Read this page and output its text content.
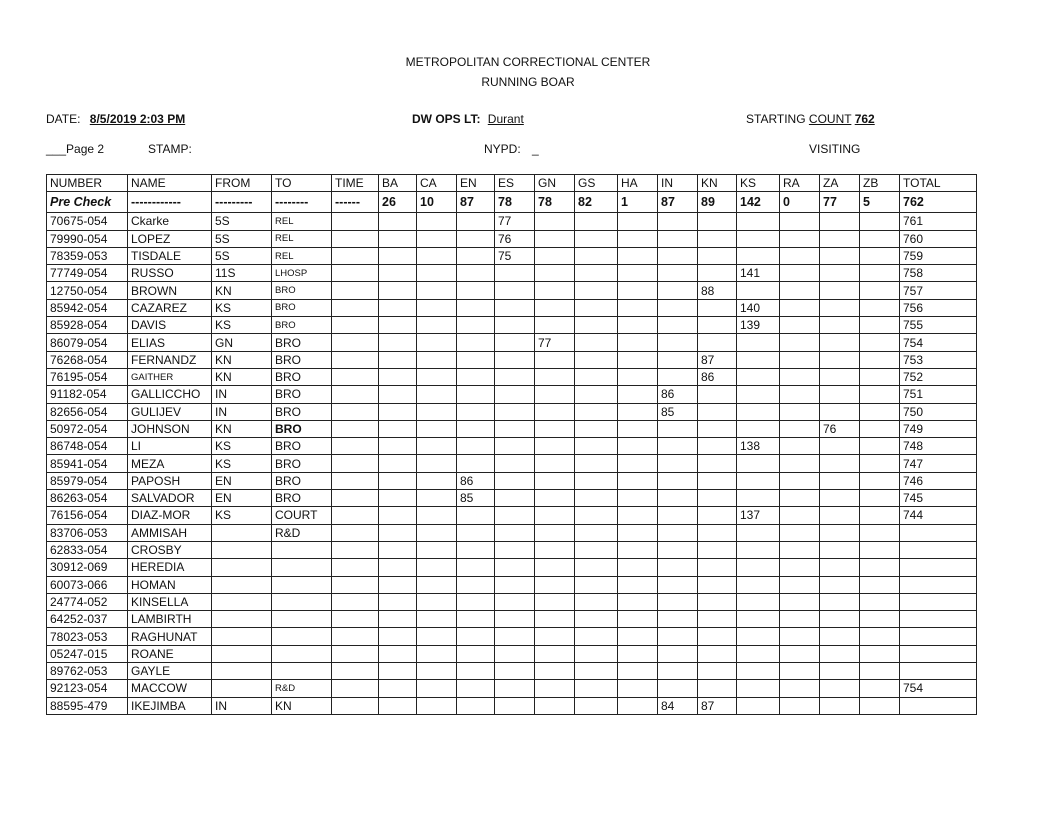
METROPOLITAN CORRECTIONAL CENTER
RUNNING BOAR
DATE: 8/5/2019 2:03 PM	DW OPS LT: Durant	STARTING COUNT 762
___Page 2	STAMP:	NYPD: _	VISITING
NUMBER	NAME	FROM	TO	TIME	BA	CA	EN	ES	GN	GS	HA	IN	KN	KS	RA	ZA	ZB	TOTAL
Pre Check	------------	---------	--------	------	26	10	87	78	78	82	1	87	89	142	0	77	5	762
70675-054	Ckarke	5S	REL					77										761
79990-054	LOPEZ	5S	REL					76										760
78359-053	TISDALE	5S	REL					75										759
77749-054	RUSSO	11S	LHOSP											141				758
12750-054	BROWN	KN	BRO										88					757
85942-054	CAZAREZ	KS	BRO											140				756
85928-054	DAVIS	KS	BRO											139				755
86079-054	ELIAS	GN	BRO						77									754
76268-054	FERNANDZ	KN	BRO										87					753
76195-054	GAITHER	KN	BRO										86					752
91182-054	GALLICCHO	IN	BRO									86						751
82656-054	GULIJEV	IN	BRO									85						750
50972-054	JOHNSON	KN	BRO													76		749
86748-054	LI	KS	BRO											138				748
85941-054	MEZA	KS	BRO															747
85979-054	PAPOSH	EN	BRO				86											746
86263-054	SALVADOR	EN	BRO				85											745
76156-054	DIAZ-MOR	KS	COURT											137				744
83706-053	AMMISAH		R&D															
62833-054	CROSBY																	
30912-069	HEREDIA																	
60073-066	HOMAN																	
24774-052	KINSELLA																	
64252-037	LAMBIRTH																	
78023-053	RAGHUNAT																	
05247-015	ROANE																	
89762-053	GAYLE																	
92123-054	MACCOW		R&D															754
88595-479	IKEJIMBA	IN	KN									84	87					
